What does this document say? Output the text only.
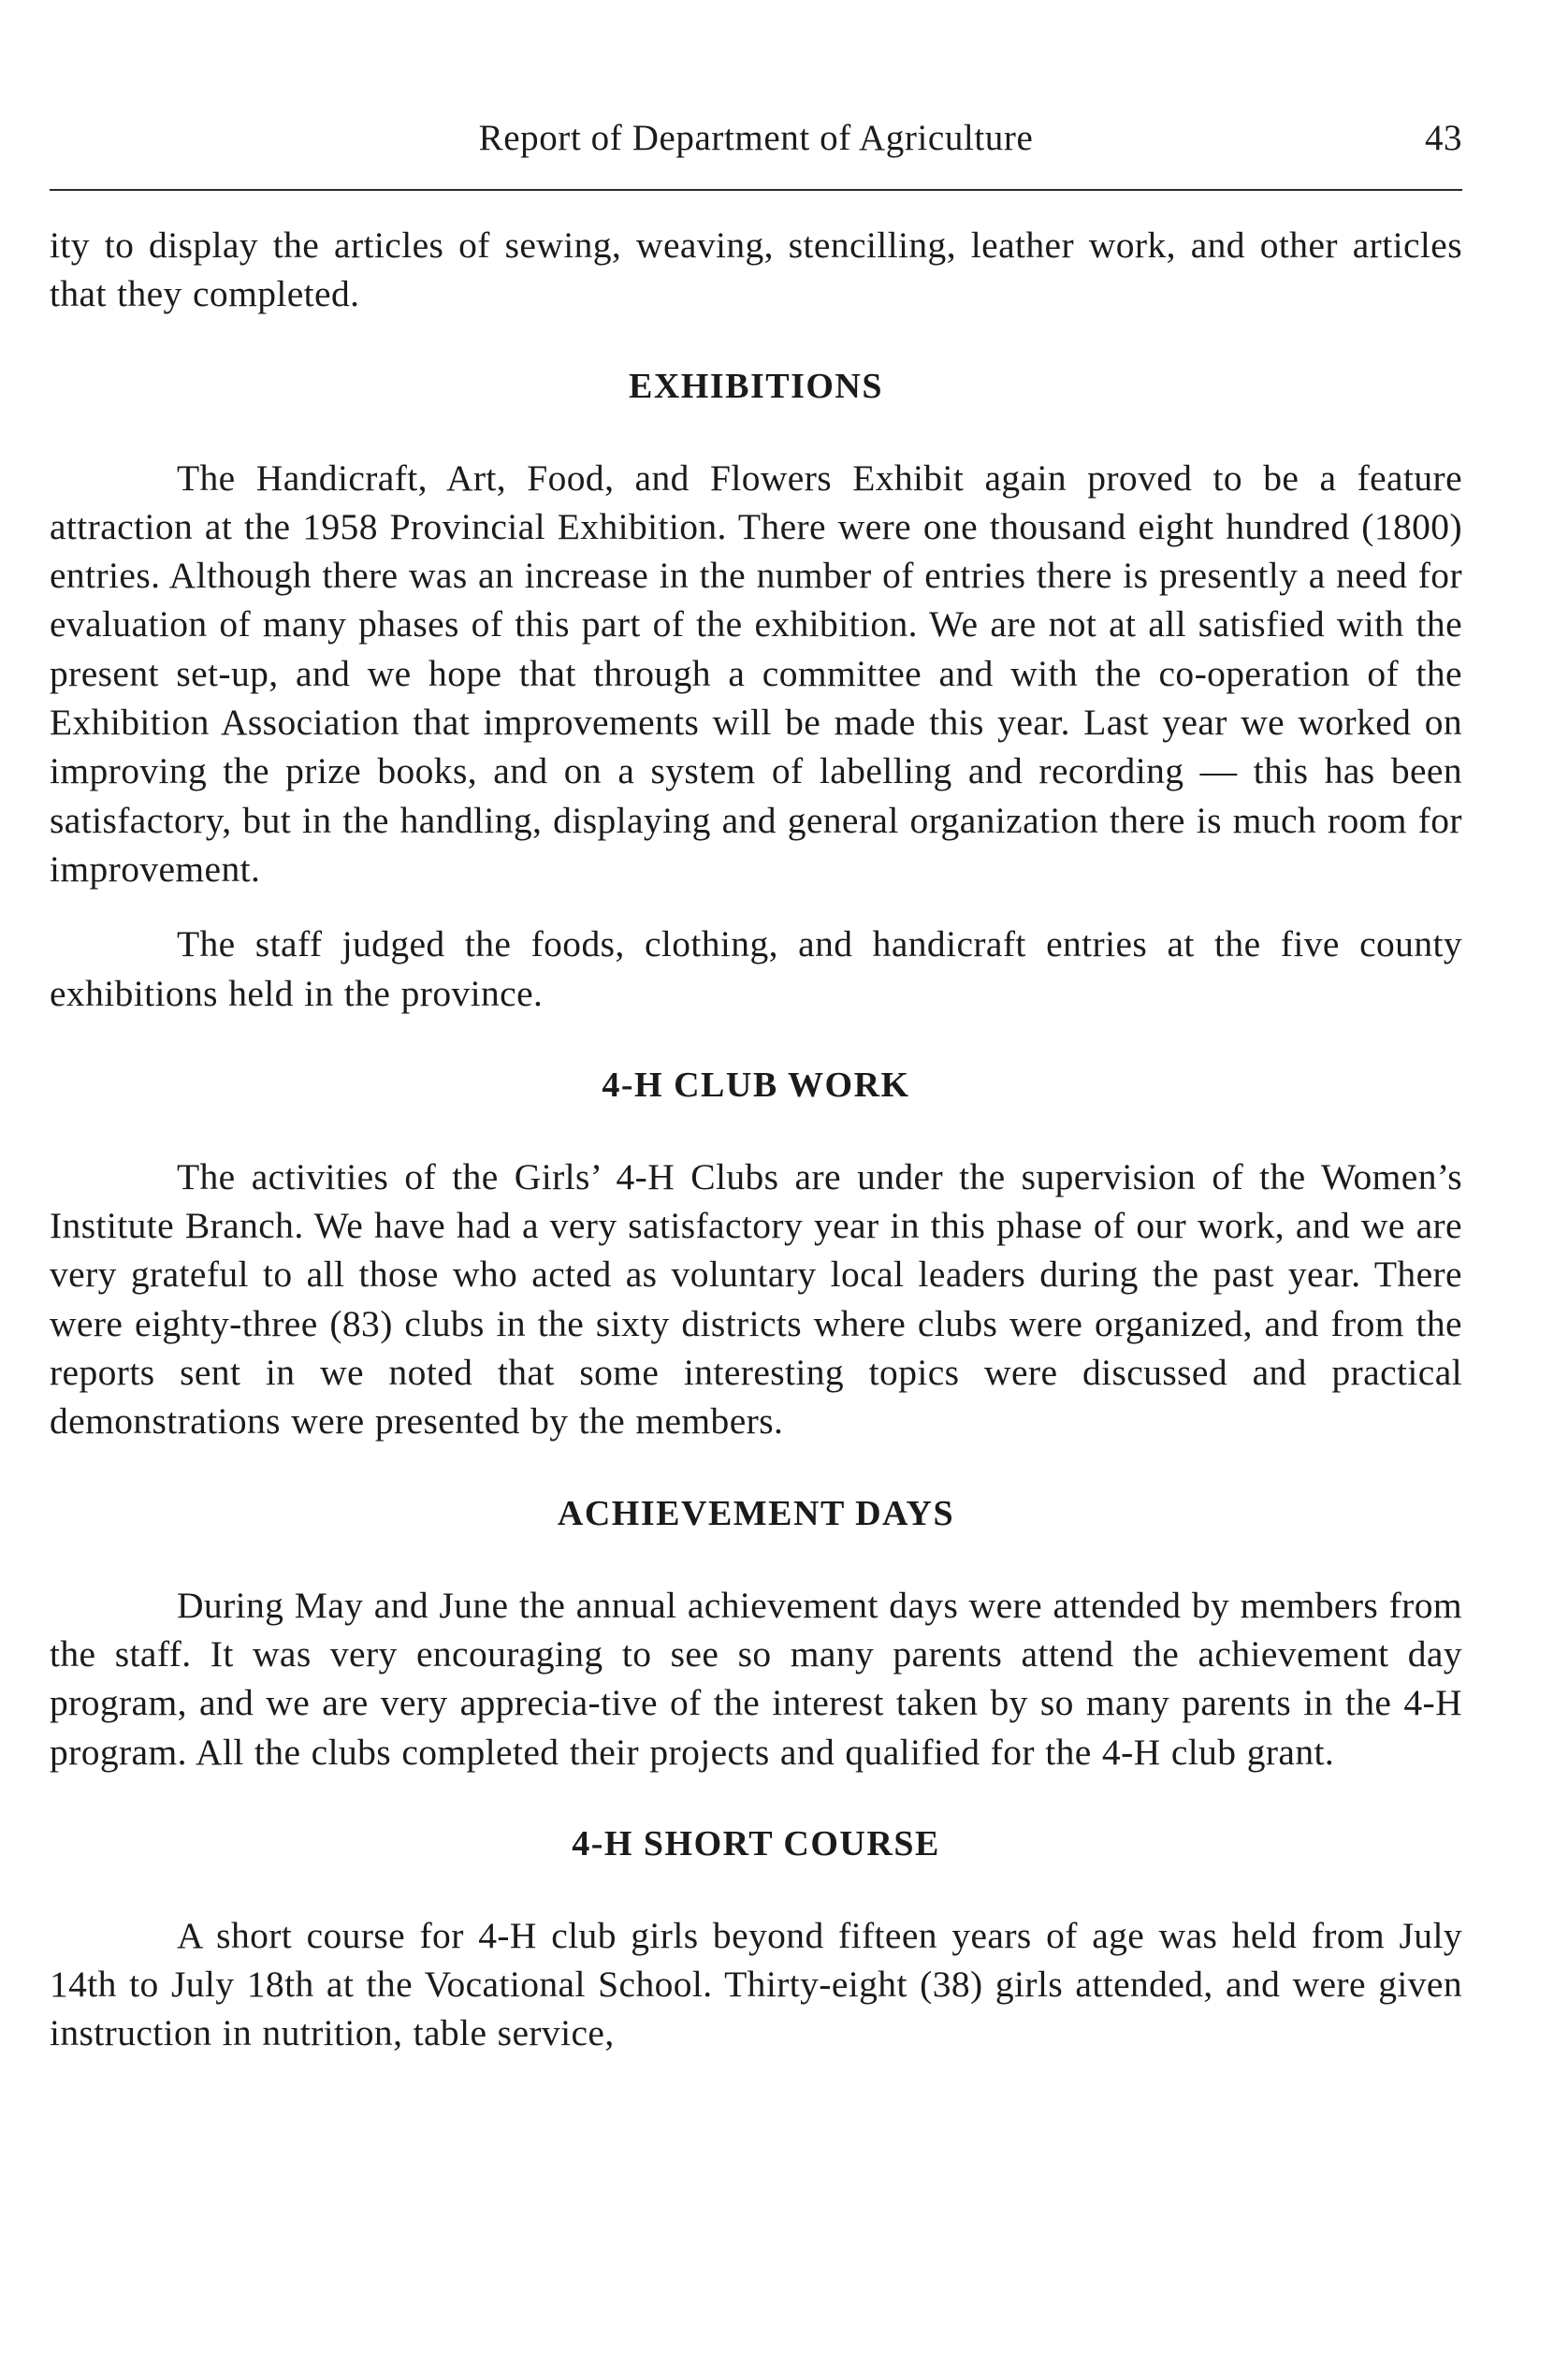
Report of Department of Agriculture	43

ity to display the articles of sewing, weaving, stencilling, leather work, and other articles that they completed.

EXHIBITIONS

The Handicraft, Art, Food, and Flowers Exhibit again proved to be a feature attraction at the 1958 Provincial Exhibition. There were one thousand eight hundred (1800) entries. Although there was an increase in the number of entries there is presently a need for evaluation of many phases of this part of the exhibition. We are not at all satisfied with the present set-up, and we hope that through a committee and with the co-operation of the Exhibition Association that improvements will be made this year. Last year we worked on improving the prize books, and on a system of labelling and recording — this has been satisfactory, but in the handling, displaying and general organization there is much room for improvement.

The staff judged the foods, clothing, and handicraft entries at the five county exhibitions held in the province.

4-H CLUB WORK

The activities of the Girls’ 4-H Clubs are under the supervision of the Women’s Institute Branch. We have had a very satisfactory year in this phase of our work, and we are very grateful to all those who acted as voluntary local leaders during the past year. There were eighty-three (83) clubs in the sixty districts where clubs were organized, and from the reports sent in we noted that some interesting topics were discussed and practical demonstrations were presented by the members.

ACHIEVEMENT DAYS

During May and June the annual achievement days were attended by members from the staff. It was very encouraging to see so many parents attend the achievement day program, and we are very apprecia-tive of the interest taken by so many parents in the 4-H program. All the clubs completed their projects and qualified for the 4-H club grant.

4-H SHORT COURSE

A short course for 4-H club girls beyond fifteen years of age was held from July 14th to July 18th at the Vocational School. Thirty-eight (38) girls attended, and were given instruction in nutrition, table service,
